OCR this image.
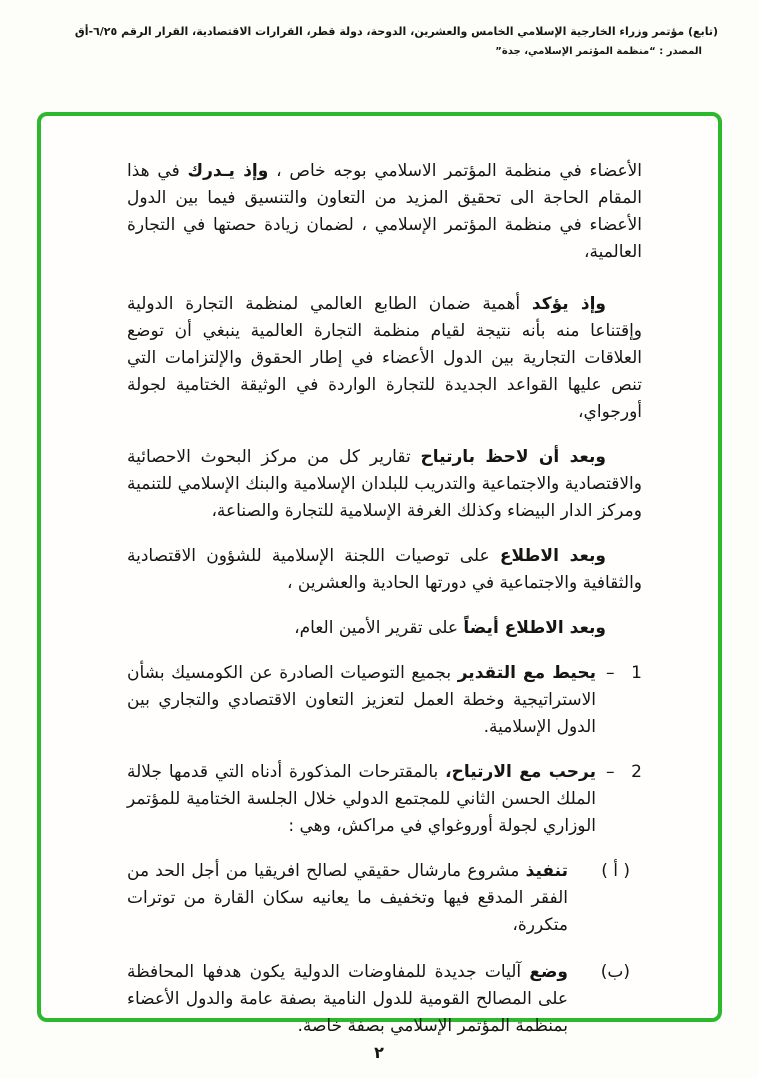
(تابع) مؤتمر وزراء الخارجية الإسلامي الخامس والعشرين، الدوحة، دولة قطر، القرارات الاقتصادية، القرار الرقم ٦/٢٥-أق
المصدر : “منظمة المؤتمر الإسلامي، جدة”

الأعضاء في منظمة المؤتمر الاسلامي بوجه خاص ، وإذ يـدرك في هذا المقام الحاجة الى تحقيق المزيد من التعاون والتنسيق فيما بين الدول الأعضاء في منظمة المؤتمر الإسلامي ، لضمان زيادة حصتها في التجارة العالمية،

وإذ يؤكد أهمية ضمان الطابع العالمي لمنظمة التجارة الدولية وإقتناعا منه بأنه نتيجة لقيام منظمة التجارة العالمية ينبغي أن توضع العلاقات التجارية بين الدول الأعضاء في إطار الحقوق والإلتزامات التي تنص عليها القواعد الجديدة للتجارة الواردة في الوثيقة الختامية لجولة أورجواي،

وبعد أن لاحظ بارتياح تقارير كل من مركز البحوث الاحصائية والاقتصادية والاجتماعية والتدريب للبلدان الإسلامية والبنك الإسلامي للتنمية ومركز الدار البيضاء وكذلك الغرفة الإسلامية للتجارة والصناعة،

وبعد الاطلاع على توصيات اللجنة الإسلامية للشؤون الاقتصادية والثقافية والاجتماعية في دورتها الحادية والعشرين ،

وبعد الاطلاع أيضاً على تقرير الأمين العام،

1
–
يحيط مع التقدير بجميع التوصيات الصادرة عن الكومسيك بشأن الاستراتيجية وخطة العمل لتعزيز التعاون الاقتصادي والتجاري بين الدول الإسلامية.
2
–
يرحب مع الارتياح، بالمقترحات المذكورة أدناه التي قدمها جلالة الملك الحسن الثاني للمجتمع الدولي خلال الجلسة الختامية للمؤتمر الوزاري لجولة أوروغواي في مراكش، وهي :
( أ )
تنفيذ مشروع مارشال حقيقي لصالح افريقيا من أجل الحد من الفقر المدقع فيها وتخفيف ما يعانيه سكان القارة من توترات متكررة،
(ب)
وضع آليات جديدة للمفاوضات الدولية يكون هدفها المحافظة على المصالح القومية للدول النامية بصفة عامة والدول الأعضاء بمنظمة المؤتمر الإسلامي بصفة خاصة.
٢
